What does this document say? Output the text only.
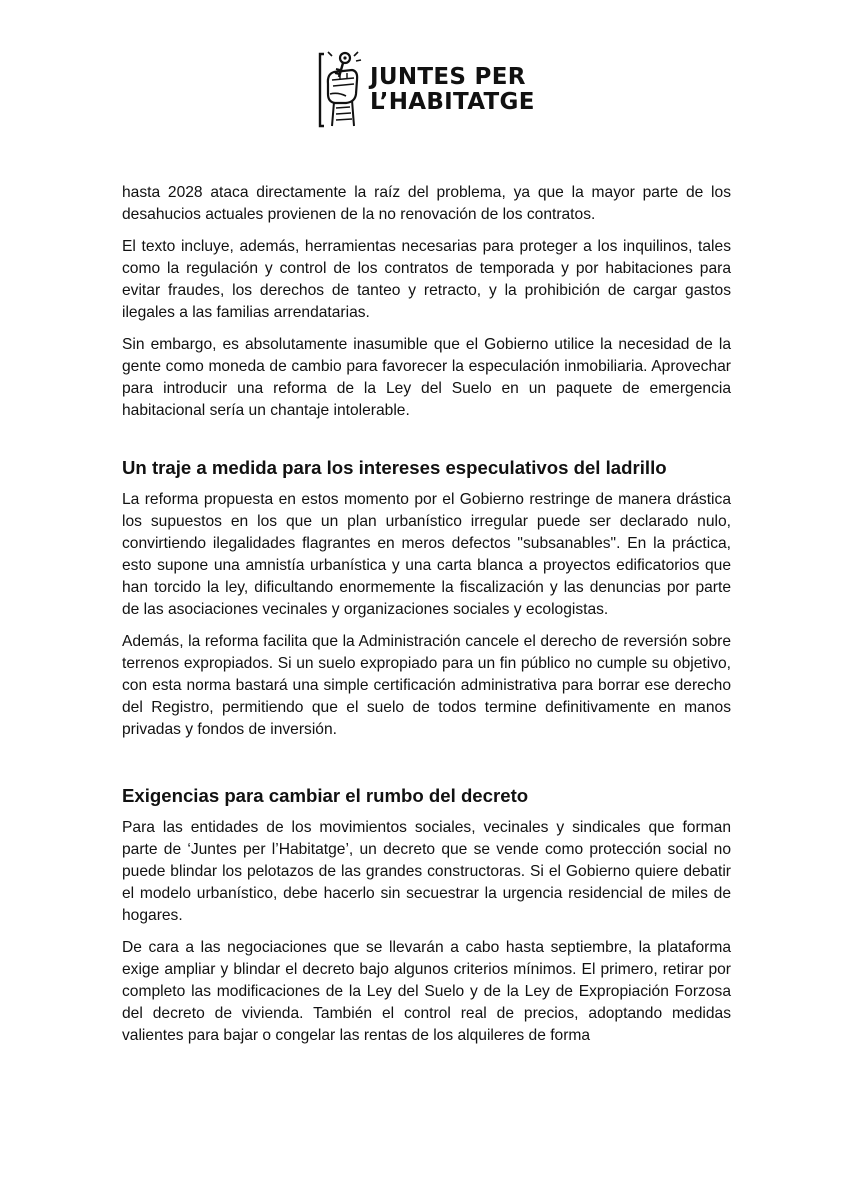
JUNTES PER
L’HABITATGE

hasta 2028 ataca directamente la raíz del problema, ya que la mayor parte de los desahucios actuales provienen de la no renovación de los contratos.

El texto incluye, además, herramientas necesarias para proteger a los inquilinos, tales como la regulación y control de los contratos de temporada y por habitaciones para evitar fraudes, los derechos de tanteo y retracto, y la prohibición de cargar gastos ilegales a las familias arrendatarias.

Sin embargo, es absolutamente inasumible que el Gobierno utilice la necesidad de la gente como moneda de cambio para favorecer la especulación inmobiliaria. Aprovechar para introducir una reforma de la Ley del Suelo en un paquete de emergencia habitacional sería un chantaje intolerable.

Un traje a medida para los intereses especulativos del ladrillo

La reforma propuesta en estos momento por el Gobierno restringe de manera drástica los supuestos en los que un plan urbanístico irregular puede ser declarado nulo, convirtiendo ilegalidades flagrantes en meros defectos "subsanables". En la práctica, esto supone una amnistía urbanística y una carta blanca a proyectos edificatorios que han torcido la ley, dificultando enormemente la fiscalización y las denuncias por parte de las asociaciones vecinales y organizaciones sociales y ecologistas.

Además, la reforma facilita que la Administración cancele el derecho de reversión sobre terrenos expropiados. Si un suelo expropiado para un fin público no cumple su objetivo, con esta norma bastará una simple certificación administrativa para borrar ese derecho del Registro, permitiendo que el suelo de todos termine definitivamente en manos privadas y fondos de inversión.

Exigencias para cambiar el rumbo del decreto

Para las entidades de los movimientos sociales, vecinales y sindicales que forman parte de ‘Juntes per l’Habitatge’, un decreto que se vende como protección social no puede blindar los pelotazos de las grandes constructoras. Si el Gobierno quiere debatir el modelo urbanístico, debe hacerlo sin secuestrar la urgencia residencial de miles de hogares.

De cara a las negociaciones que se llevarán a cabo hasta septiembre, la plataforma exige ampliar y blindar el decreto bajo algunos criterios mínimos. El primero, retirar por completo las modificaciones de la Ley del Suelo y de la Ley de Expropiación Forzosa del decreto de vivienda. También el control real de precios, adoptando medidas valientes para bajar o congelar las rentas de los alquileres de forma
